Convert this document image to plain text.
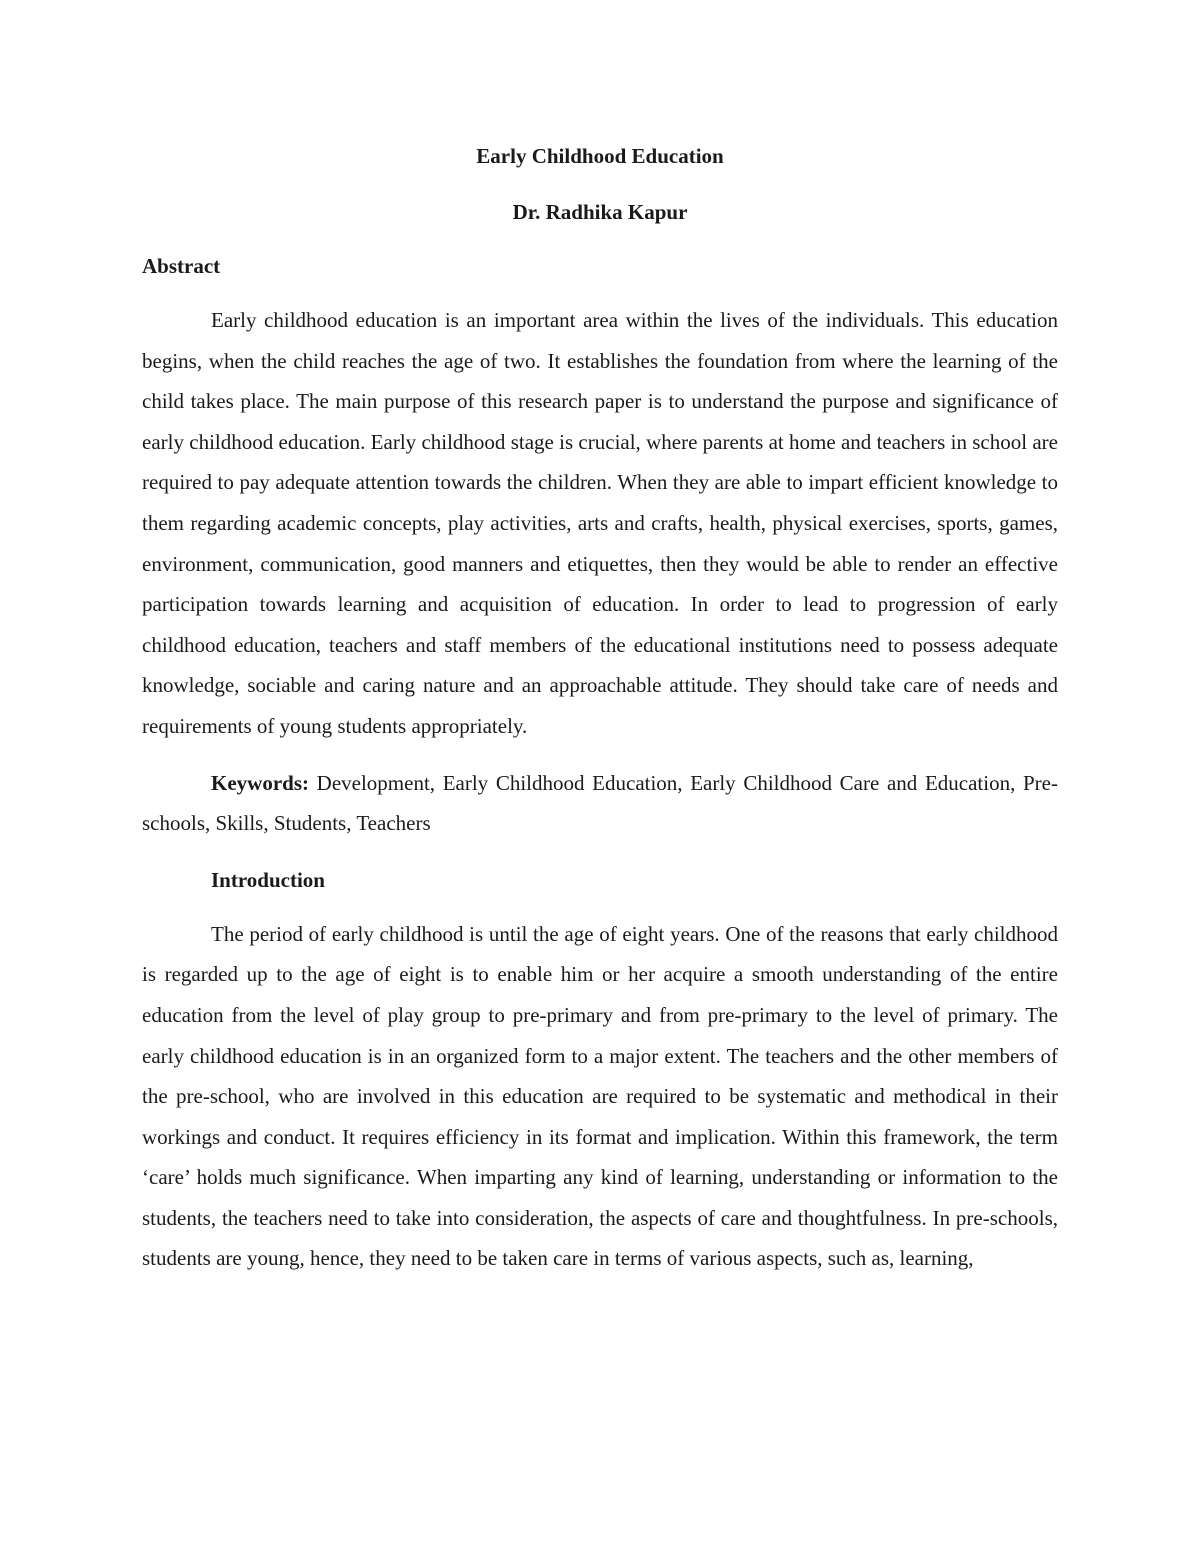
Early Childhood Education
Dr. Radhika Kapur
Abstract

Early childhood education is an important area within the lives of the individuals. This education begins, when the child reaches the age of two. It establishes the foundation from where the learning of the child takes place. The main purpose of this research paper is to understand the purpose and significance of early childhood education. Early childhood stage is crucial, where parents at home and teachers in school are required to pay adequate attention towards the children. When they are able to impart efficient knowledge to them regarding academic concepts, play activities, arts and crafts, health, physical exercises, sports, games, environment, communication, good manners and etiquettes, then they would be able to render an effective participation towards learning and acquisition of education. In order to lead to progression of early childhood education, teachers and staff members of the educational institutions need to possess adequate knowledge, sociable and caring nature and an approachable attitude. They should take care of needs and requirements of young students appropriately.

Keywords: Development, Early Childhood Education, Early Childhood Care and Education, Pre-schools, Skills, Students, Teachers

Introduction

The period of early childhood is until the age of eight years. One of the reasons that early childhood is regarded up to the age of eight is to enable him or her acquire a smooth understanding of the entire education from the level of play group to pre-primary and from pre-primary to the level of primary. The early childhood education is in an organized form to a major extent. The teachers and the other members of the pre-school, who are involved in this education are required to be systematic and methodical in their workings and conduct. It requires efficiency in its format and implication. Within this framework, the term ‘care’ holds much significance. When imparting any kind of learning, understanding or information to the students, the teachers need to take into consideration, the aspects of care and thoughtfulness. In pre-schools, students are young, hence, they need to be taken care in terms of various aspects, such as, learning,
